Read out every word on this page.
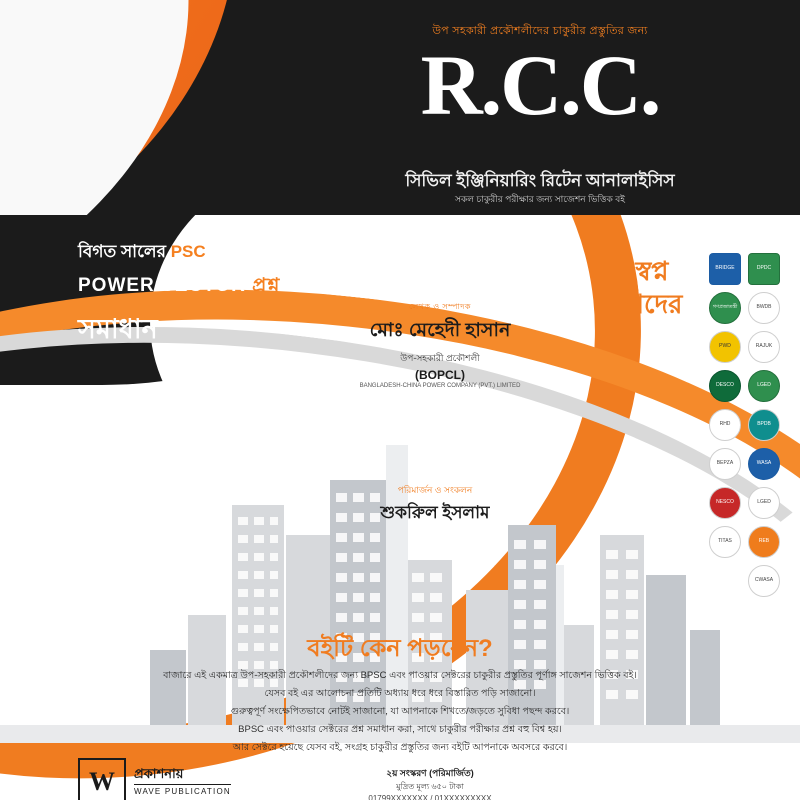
উপ সহকারী প্রকৌশলীদের চাকুরীর প্রস্তুতির জন্য
R.C.C.
সিভিল ইঞ্জিনিয়ারিং রিটেন আনালাইসিস
সকল চাকুরীর পরীক্ষার জন্য সাজেশন ভিত্তিক বই
বিগত সালের PSC +
POWER SECTOR প্রশ্ন
সমাধান
লেখক ও সম্পাদক
মোঃ মেহেদী হাসান
উপ-সহকারী প্রকৌশলী
(BOPCL)
BANGLADESH-CHINA POWER COMPANY (PVT.) LIMITED
পরিমার্জন ও সংকলন
শুকরিুল ইসলাম
স্বপ্ন
যাদের
BRIDGE	DPDC
গণপ্রজাতন্ত্রী	BWDB
PWD	RAJUK
DESCO	LGED
RHD	BPDB
BEPZA	WASA
NESCO	LGED
TITAS	REB
CWASA
বইটি কেন পড়বেন?
বাজারে এই একমাত্র উপ-সহকারী প্রকৌশলীদের জন্য BPSC এবং পাওয়ার সেক্টরের চাকুরীর প্রস্তুতির পূর্ণাঙ্গ সাজেশন ভিত্তিক বই।
যেসব বই এর আলোচনা প্রতিটি অধ্যায় ধরে ধরে বিস্তারিত পড়ি সাজানো।
গুরুত্বপূর্ণ সংক্ষেপিতভাবে নোটই সাজানো, যা আপনাকে শিখতে/জড়তে সুবিধা পছন্দ করবে।
BPSC এবং পাওয়ার সেক্টরের প্রশ্ন সমাধান করা, সাথে চাকুরীর পরীক্ষার প্রশ্ন বহু বিশ্ব হয়।
আর সেক্টরে হয়েছে যেসব বই, সংগ্রহ চাকুরীর প্রস্তুতির জন্য বইটি আপনাকে অবসরে করবে।
W	প্রকাশনায়
WAVE PUBLICATION
২য় সংস্করণ (পরিমার্জিত)
মুদ্রিত মূল্য ৬৫০ টাকা
01799XXXXXXX / 01XXXXXXXXX
